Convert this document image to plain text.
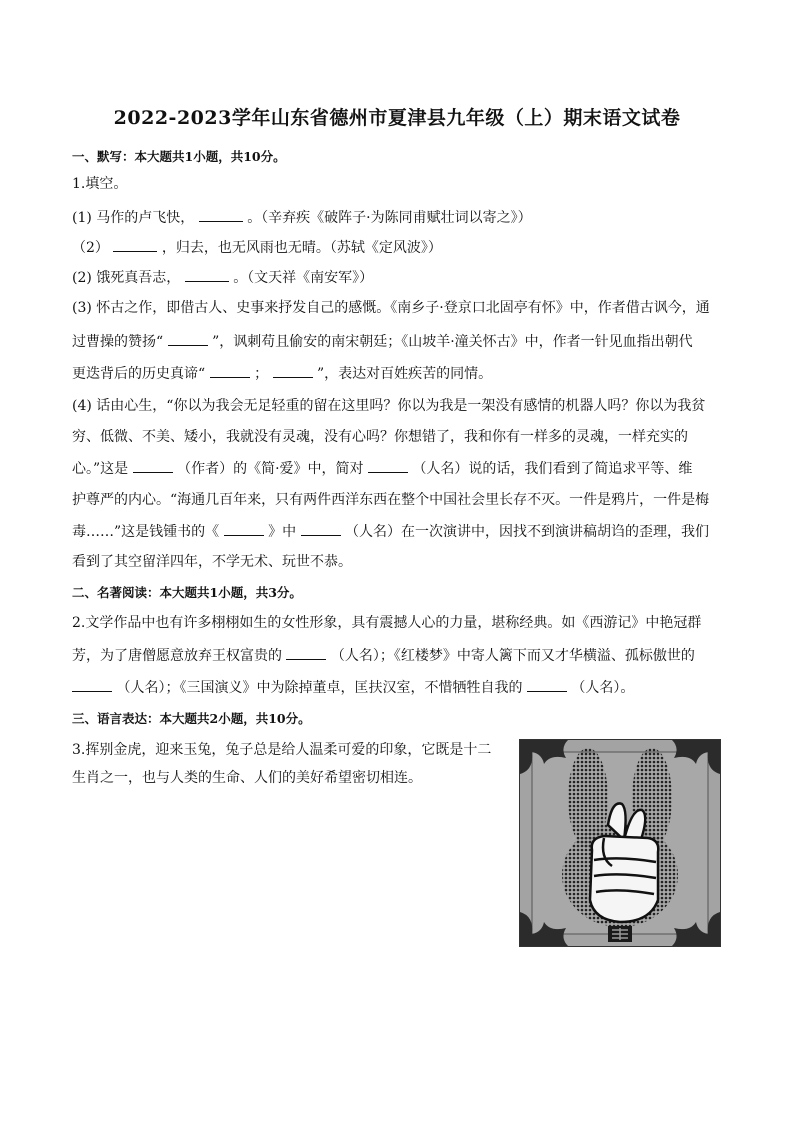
2022-2023学年山东省德州市夏津县九年级（上）期末语文试卷
一、默写：本大题共1小题，共10分。
1.填空。
(1) 马作的卢飞快，	。（辛弃疾《破阵子·为陈同甫赋壮词以寄之》）
（2）	，归去，也无风雨也无晴。（苏轼《定风波》）
(2) 饿死真吾志，	。（文天祥《南安军》）
(3) 怀古之作，即借古人、史事来抒发自己的感慨。《南乡子·登京口北固亭有怀》中，作者借古讽今，通
过曹操的赞扬“	”，讽刺苟且偷安的南宋朝廷；《山坡羊·潼关怀古》中，作者一针见血指出朝代
更迭背后的历史真谛“	；	”，表达对百姓疾苦的同情。
(4) 话由心生，“你以为我会无足轻重的留在这里吗？你以为我是一架没有感情的机器人吗？你以为我贫
穷、低微、不美、矮小，我就没有灵魂，没有心吗？你想错了，我和你有一样多的灵魂，一样充实的
心。”这是	（作者）的《简·爱》中，简对	（人名）说的话，我们看到了简追求平等、维
护尊严的内心。“海通几百年来，只有两件西洋东西在整个中国社会里长存不灭。一件是鸦片，一件是梅
毒……”这是钱锺书的《	》中	（人名）在一次演讲中，因找不到演讲稿胡诌的歪理，我们
看到了其空留洋四年，不学无术、玩世不恭。
二、名著阅读：本大题共1小题，共3分。
2.文学作品中也有许多栩栩如生的女性形象，具有震撼人心的力量，堪称经典。如《西游记》中艳冠群
芳，为了唐僧愿意放弃王权富贵的	（人名）；《红楼梦》中寄人篱下而又才华横溢、孤标傲世的
（人名）；《三国演义》中为除掉董卓，匡扶汉室，不惜牺牲自我的	（人名）。
三、语言表达：本大题共2小题，共10分。
3.挥别金虎，迎来玉兔，兔子总是给人温柔可爱的印象，它既是十二
生肖之一，也与人类的生命、人们的美好希望密切相连。
